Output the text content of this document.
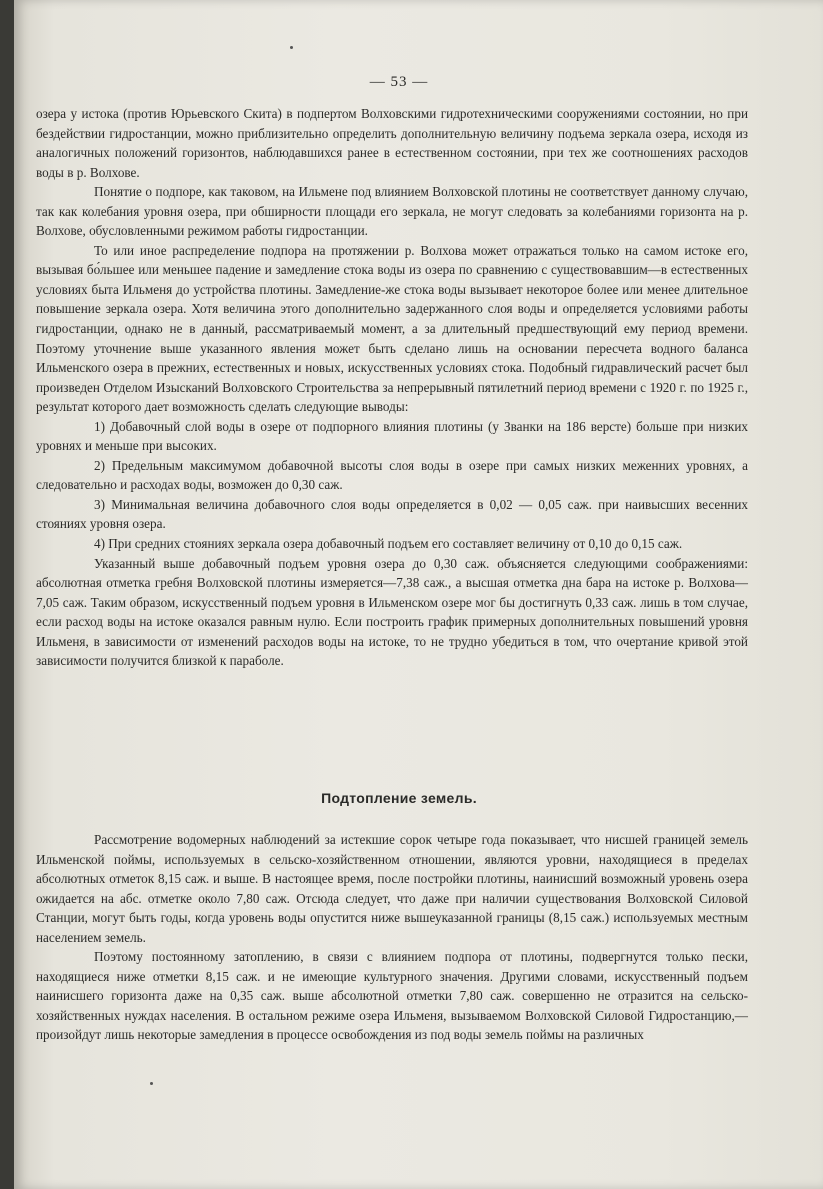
— 53 —

озера у истока (против Юрьевского Скита) в подпертом Волховскими гидротехническими сооружениями состоянии, но при бездействии гидростанции, можно приблизительно определить дополнительную величину подъема зеркала озера, исходя из аналогичных положений горизонтов, наблюдавшихся ранее в естественном состоянии, при тех же соотношениях расходов воды в р. Волхове.

Понятие о подпоре, как таковом, на Ильмене под влиянием Волховской плотины не соответствует данному случаю, так как колебания уровня озера, при обширности площади его зеркала, не могут следовать за колебаниями горизонта на р. Волхове, обусловленными режимом работы гидростанции.

То или иное распределение подпора на протяжении р. Волхова может отражаться только на самом истоке его, вызывая бо́льшее или меньшее падение и замедление стока воды из озера по сравнению с существовавшим—в естественных условиях быта Ильменя до устройства плотины. Замедление-же стока воды вызывает некоторое более или менее длительное повышение зеркала озера. Хотя величина этого дополнительно задержанного слоя воды и определяется условиями работы гидростанции, однако не в данный, рассматриваемый момент, а за длительный предшествующий ему период времени. Поэтому уточнение выше указанного явления может быть сделано лишь на основании пересчета водного баланса Ильменского озера в прежних, естественных и новых, искусственных условиях стока. Подобный гидравлический расчет был произведен Отделом Изысканий Волховского Строительства за непрерывный пятилетний период времени с 1920 г. по 1925 г., результат которого дает возможность сделать следующие выводы:

1) Добавочный слой воды в озере от подпорного влияния плотины (у Званки на 186 версте) больше при низких уровнях и меньше при высоких.

2) Предельным максимумом добавочной высоты слоя воды в озере при самых низких меженних уровнях, а следовательно и расходах воды, возможен до 0,30 саж.

3) Минимальная величина добавочного слоя воды определяется в 0,02 — 0,05 саж. при наивысших весенних стояниях уровня озера.

4) При средних стояниях зеркала озера добавочный подъем его составляет величину от 0,10 до 0,15 саж.

Указанный выше добавочный подъем уровня озера до 0,30 саж. объясняется следующими соображениями: абсолютная отметка гребня Волховской плотины измеряется—7,38 саж., а высшая отметка дна бара на истоке р. Волхова—7,05 саж. Таким образом, искусственный подъем уровня в Ильменском озере мог бы достигнуть 0,33 саж. лишь в том случае, если расход воды на истоке оказался равным нулю. Если построить график примерных дополнительных повышений уровня Ильменя, в зависимости от изменений расходов воды на истоке, то не трудно убедиться в том, что очертание кривой этой зависимости получится близкой к параболе.

Подтопление земель.

Рассмотрение водомерных наблюдений за истекшие сорок четыре года показывает, что нисшей границей земель Ильменской поймы, используемых в сельско-хозяйственном отношении, являются уровни, находящиеся в пределах абсолютных отметок 8,15 саж. и выше. В настоящее время, после постройки плотины, наинисший возможный уровень озера ожидается на абс. отметке около 7,80 саж. Отсюда следует, что даже при наличии существования Волховской Силовой Станции, могут быть годы, когда уровень воды опустится ниже вышеуказанной границы (8,15 саж.) используемых местным населением земель.

Поэтому постоянному затоплению, в связи с влиянием подпора от плотины, подвергнутся только пески, находящиеся ниже отметки 8,15 саж. и не имеющие культурного значения. Другими словами, искусственный подъем наинисшего горизонта даже на 0,35 саж. выше абсолютной отметки 7,80 саж. совершенно не отразится на сельско-хозяйственных нуждах населения. В остальном режиме озера Ильменя, вызываемом Волховской Силовой Гидростанцию,—произойдут лишь некоторые замедления в процессе освобождения из под воды земель поймы на различных
